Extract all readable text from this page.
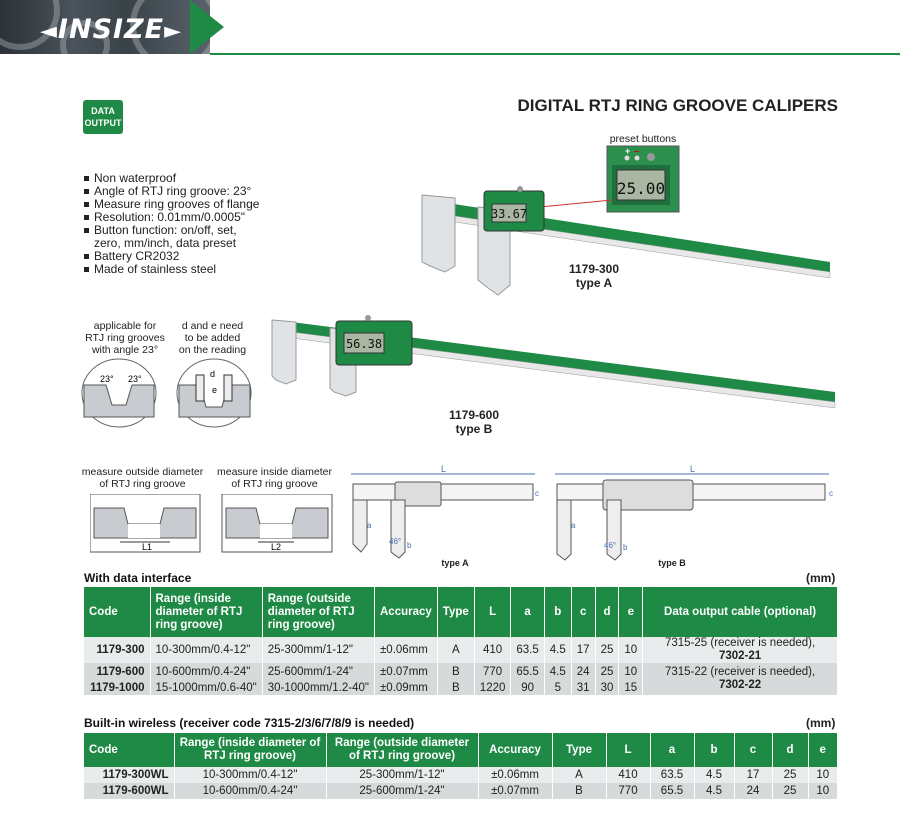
◄INSIZE►
DATA
OUTPUT
DIGITAL RTJ RING GROOVE CALIPERS
Non waterproof
Angle of RTJ ring groove: 23°
Measure ring grooves of flange
Resolution: 0.01mm/0.0005"
Button function: on/off, set,
zero, mm/inch, data preset
Battery CR2032
Made of stainless steel
25.00
+ –
preset buttons
33.67
56.38
1179-300
type A
1179-600
type B
applicable for
RTJ ring grooves
with angle 23°
d and e need
to be added
on the reading
23° 23°	d
e
measure outside diameter
of RTJ ring groove
measure inside diameter
of RTJ ring groove
L1	L2
L
a
46° b
c
L
a
46° b
c
type A	type B
With data interface	(mm)
Code	Range (inside diameter of RTJ ring groove)	Range (outside diameter of RTJ ring groove)	Accuracy	Type	L	a	b	c	d	e	Data output cable (optional)
1179-300	10-300mm/0.4-12"	25-300mm/1-12"	±0.06mm	A	410	63.5	4.5	17	25	10	7315-25 (receiver is needed),
7302-21

1179-600	10-600mm/0.4-24"	25-600mm/1-24"	±0.07mm	B	770	65.5	4.5	24	25	10	7315-22 (receiver is needed),
7302-22

1179-1000	15-1000mm/0.6-40"	30-1000mm/1.2-40"	±0.09mm	B	1220	90	5	31	30	15	
Built-in wireless (receiver code 7315-2/3/6/7/8/9 is needed)	(mm)
Code	Range (inside diameter of RTJ ring groove)	Range (outside diameter of RTJ ring groove)	Accuracy	Type	L	a	b	c	d	e
1179-300WL	10-300mm/0.4-12"	25-300mm/1-12"	±0.06mm	A	410	63.5	4.5	17	25	10
1179-600WL	10-600mm/0.4-24"	25-600mm/1-24"	±0.07mm	B	770	65.5	4.5	24	25	10
